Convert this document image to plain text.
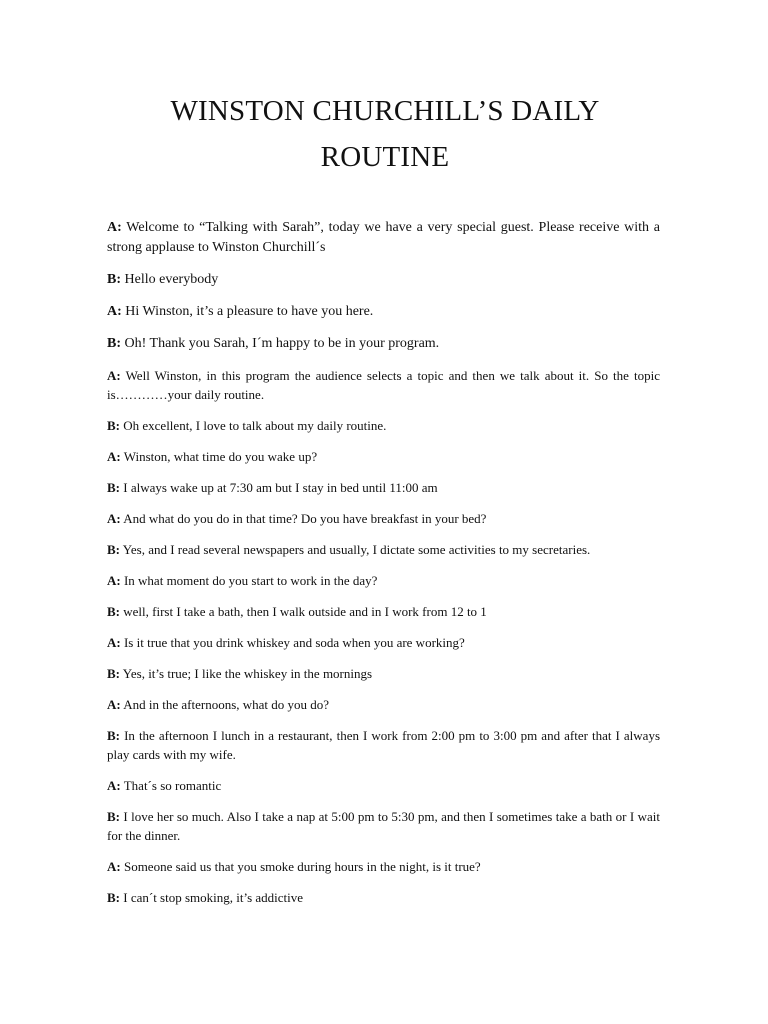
WINSTON CHURCHILL’S DAILY
ROUTINE

A: Welcome to “Talking with Sarah”, today we have a very special guest. Please receive with a strong applause to Winston Churchill´s

B: Hello everybody

A: Hi Winston, it’s a pleasure to have you here.

B: Oh! Thank you Sarah, I´m happy to be in your program.

A: Well Winston, in this program the audience selects a topic and then we talk about it. So the topic is…………your daily routine.

B: Oh excellent, I love to talk about my daily routine.

A: Winston, what time do you wake up?

B: I always wake up at 7:30 am but I stay in bed until 11:00 am

A: And what do you do in that time? Do you have breakfast in your bed?

B: Yes, and I read several newspapers and usually, I dictate some activities to my secretaries.

A: In what moment do you start to work in the day?

B: well, first I take a bath, then I walk outside and in I work from 12 to 1

A: Is it true that you drink whiskey and soda when you are working?

B: Yes, it’s true; I like the whiskey in the mornings

A: And in the afternoons, what do you do?

B: In the afternoon I lunch in a restaurant, then I work from 2:00 pm to 3:00 pm and after that I always play cards with my wife.

A: That´s so romantic

B: I love her so much. Also I take a nap at 5:00 pm to 5:30 pm, and then I sometimes take a bath or I wait for the dinner.

A: Someone said us that you smoke during hours in the night, is it true?

B: I can´t stop smoking, it’s addictive
